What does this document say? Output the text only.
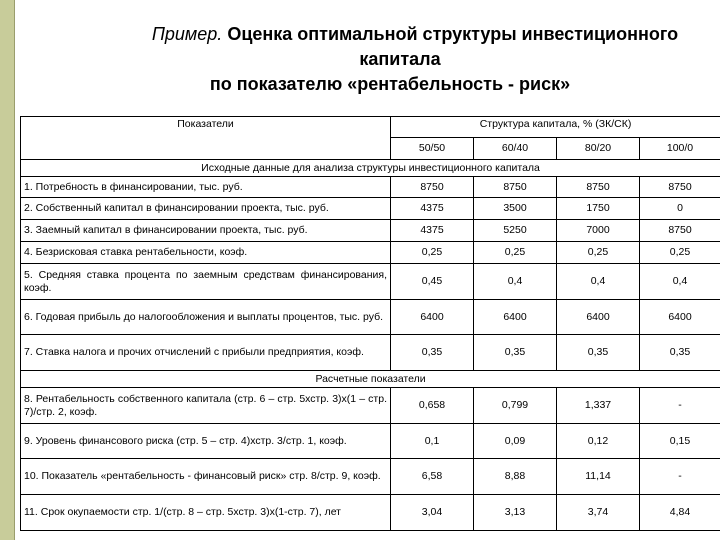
Пример. Оценка оптимальной структуры инвестиционного
капитала
по показателю «рентабельность - риск»
Показатели	Структура капитала, % (ЗК/СК)			
	50/50	60/40	80/20	100/0
Исходные данные для анализа структуры инвестиционного капитала				
1. Потребность в финансировании, тыс. руб.	8750	8750	8750	8750
2. Собственный капитал в финансировании проекта, тыс. руб.	4375	3500	1750	0
3. Заемный капитал в финансировании проекта, тыс. руб.	4375	5250	7000	8750
4. Безрисковая ставка рентабельности, коэф.	0,25	0,25	0,25	0,25
5. Средняя ставка процента по заемным средствам финансирования, коэф.	0,45	0,4	0,4	0,4
6. Годовая прибыль до налогообложения и выплаты процентов, тыс. руб.	6400	6400	6400	6400
7. Ставка налога и прочих отчислений с прибыли предприятия, коэф.	0,35	0,35	0,35	0,35
Расчетные показатели				
8. Рентабельность собственного капитала (стр. 6 – стр. 5хстр. 3)х(1 – стр. 7)/стр. 2, коэф.	0,658	0,799	1,337	-
9. Уровень финансового риска (стр. 5 – стр. 4)хстр. 3/стр. 1, коэф.	0,1	0,09	0,12	0,15
10. Показатель «рентабельность - финансовый риск» стр. 8/стр. 9, коэф.	6,58	8,88	11,14	-
11. Срок окупаемости стр. 1/(стр. 8 – стр. 5хстр. 3)х(1-стр. 7), лет	3,04	3,13	3,74	4,84
